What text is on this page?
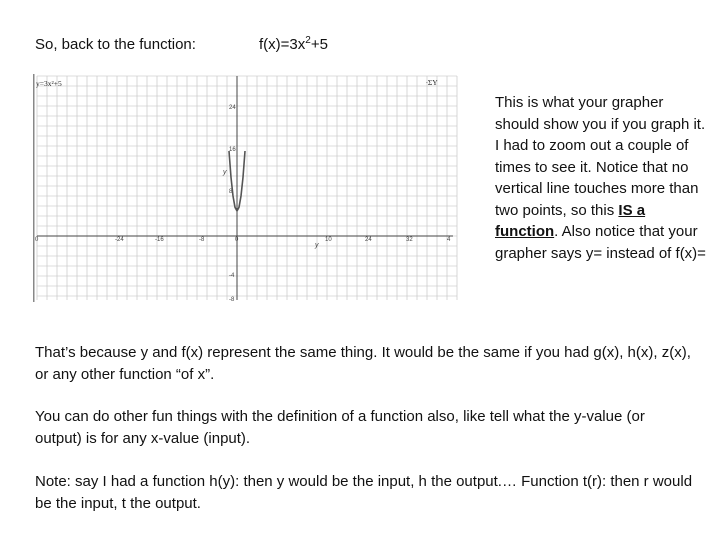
So, back to the function:	$f(x)=3x^2+5$
y=3x²+5	∙ΣY
0	-24	-16	-8	0	10	24	32	4
24
16
8
-4
-8
y
y
This is what your grapher should show you if you graph it. I had to zoom out a couple of times to see it. Notice that no vertical line touches more than two points, so this IS a function. Also notice that your grapher says y= instead of f(x)=
That’s because y and f(x) represent the same thing. It would be the same if you had g(x), h(x), z(x), or any other function “of x”.
You can do other fun things with the definition of a function also, like tell what the y-value (or output) is for any x-value (input).
Note: say I had a function h(y): then y would be the input, h the output.… Function t(r): then r would be the input, t the output.
